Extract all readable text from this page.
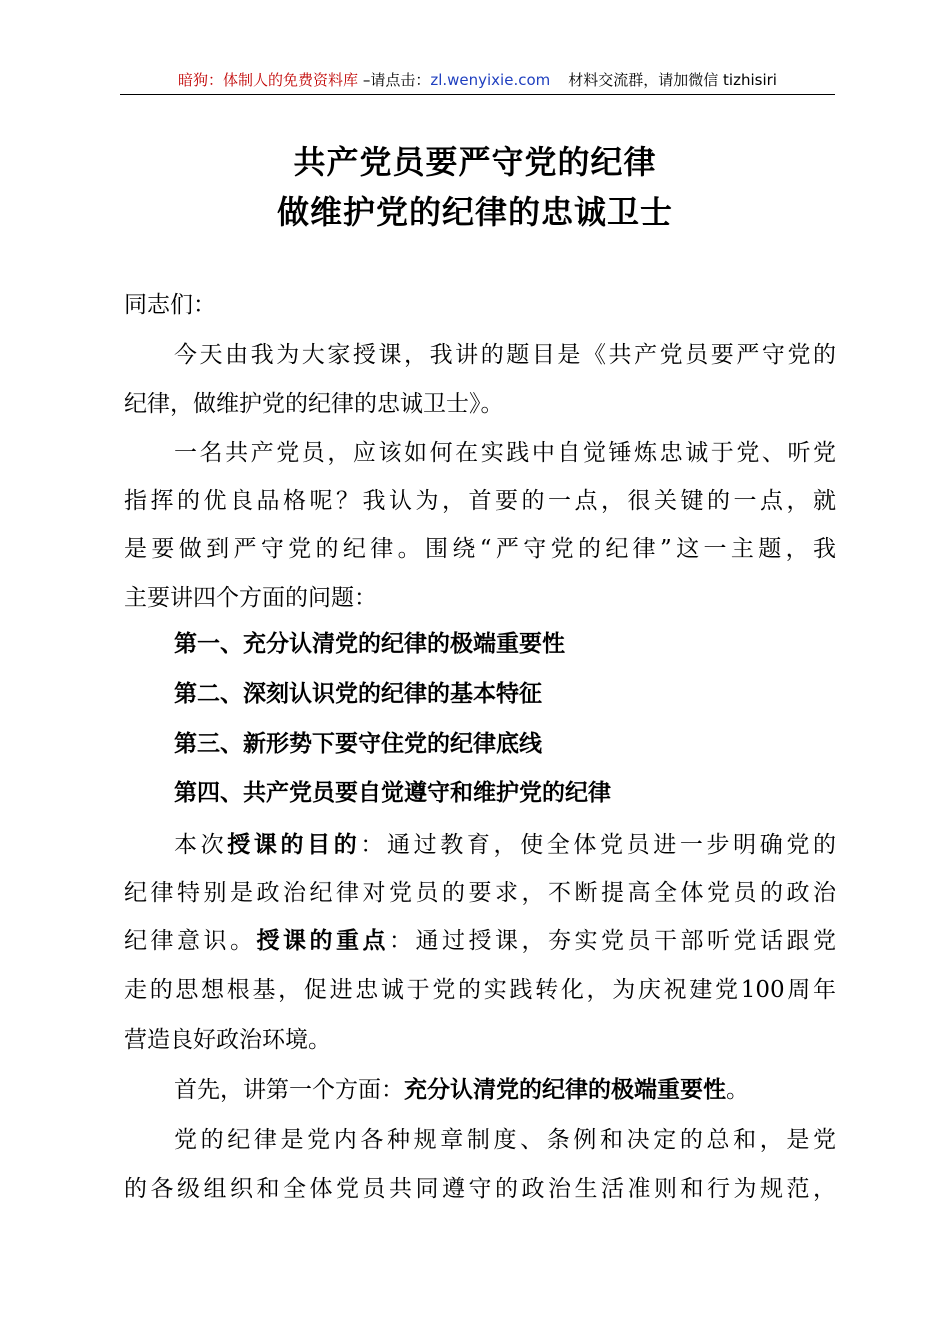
暗狗：体制人的免费资料库 –请点击：zl.wenyixie.com 材料交流群，请加微信 tizhisiri
共产党员要严守党的纪律
做维护党的纪律的忠诚卫士
同志们：
今天由我为大家授课，我讲的题目是《共产党员要严守党的
纪律，做维护党的纪律的忠诚卫士》。
一名共产党员，应该如何在实践中自觉锤炼忠诚于党、听党
指挥的优良品格呢？我认为，首要的一点，很关键的一点，就
是要做到严守党的纪律。围绕“严守党的纪律”这一主题，我
主要讲四个方面的问题：
第一、充分认清党的纪律的极端重要性
第二、深刻认识党的纪律的基本特征
第三、新形势下要守住党的纪律底线
第四、共产党员要自觉遵守和维护党的纪律
本次授课的目的：通过教育，使全体党员进一步明确党的
纪律特别是政治纪律对党员的要求，不断提高全体党员的政治
纪律意识。授课的重点：通过授课，夯实党员干部听党话跟党
走的思想根基，促进忠诚于党的实践转化，为庆祝建党100周年
营造良好政治环境。
首先，讲第一个方面：充分认清党的纪律的极端重要性。
党的纪律是党内各种规章制度、条例和决定的总和，是党
的各级组织和全体党员共同遵守的政治生活准则和行为规范，
